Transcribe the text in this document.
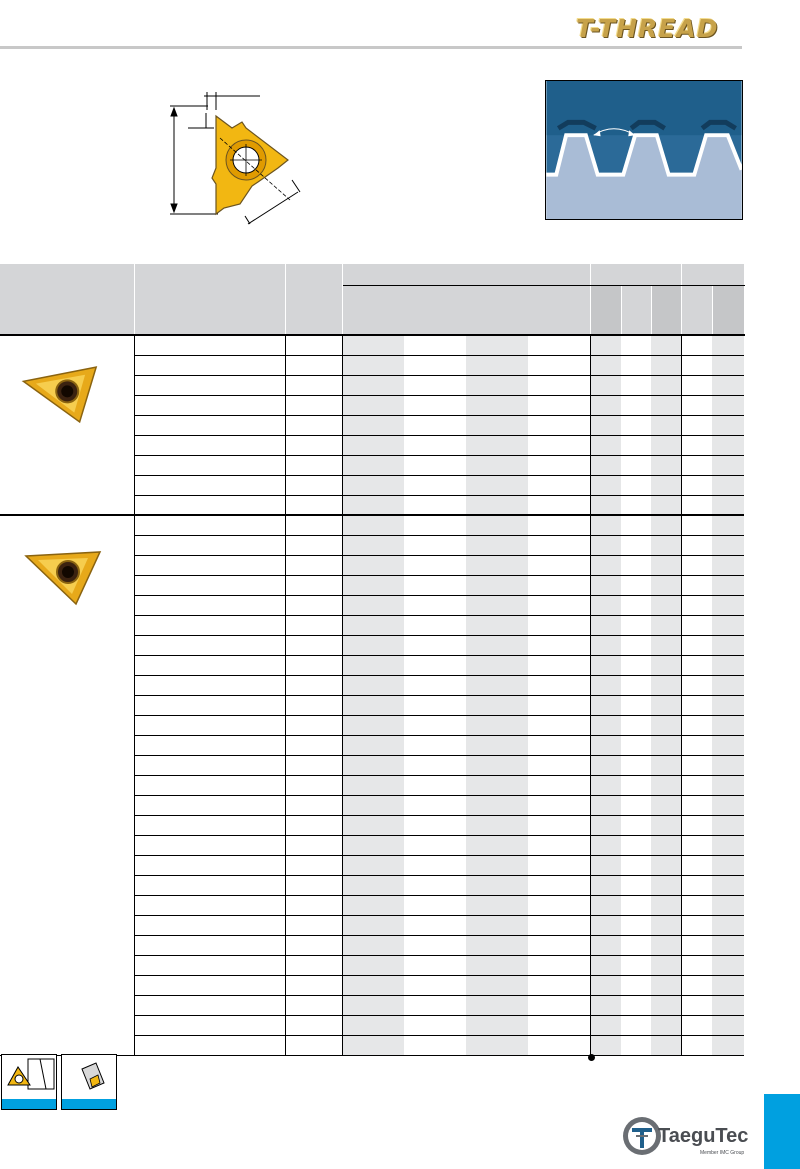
T-THREAD

TaeguTec
Member IMC Group
